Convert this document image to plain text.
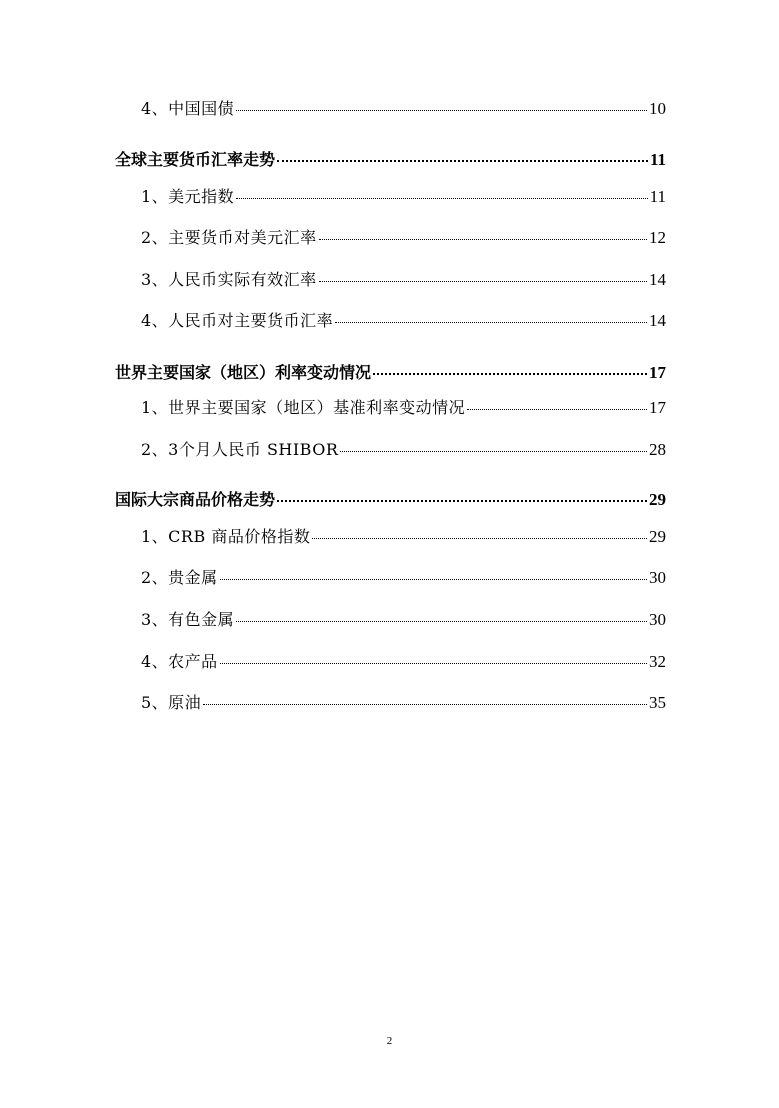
4、中国国债	10
全球主要货币汇率走势	11
1、美元指数	11
2、主要货币对美元汇率	12
3、人民币实际有效汇率	14
4、人民币对主要货币汇率	14
世界主要国家（地区）利率变动情况	17
1、世界主要国家（地区）基准利率变动情况	17
2、3个月人民币 SHIBOR	28
国际大宗商品价格走势	29
1、CRB 商品价格指数	29
2、贵金属	30
3、有色金属	30
4、农产品	32
5、原油	35
2
